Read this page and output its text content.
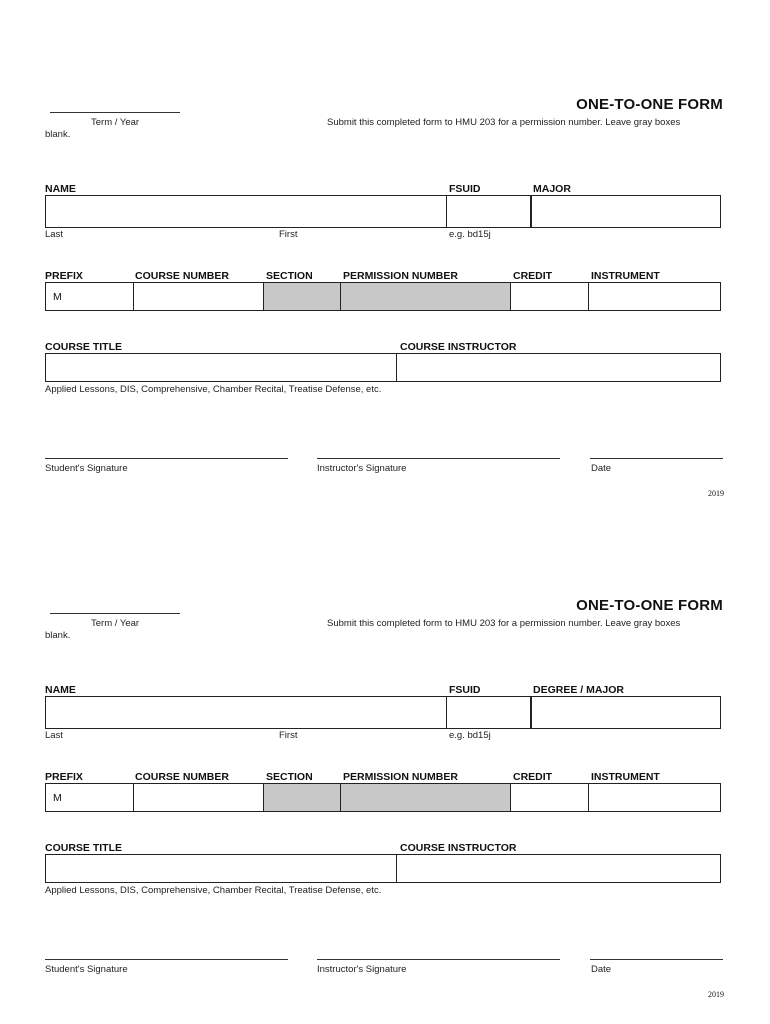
Term / Year
blank.
ONE-TO-ONE FORM
Submit this completed form to HMU 203 for a permission number. Leave gray boxes
NAME	FSUID	MAJOR
Last	First	e.g. bd15j
PREFIX	COURSE NUMBER	SECTION	PERMISSION NUMBER	CREDIT	INSTRUMENT
M
COURSE TITLE	COURSE INSTRUCTOR
Applied Lessons, DIS, Comprehensive, Chamber Recital, Treatise Defense, etc.
Student's Signature	Instructor's Signature	Date
2019
Term / Year
blank.
ONE-TO-ONE FORM
Submit this completed form to HMU 203 for a permission number. Leave gray boxes
NAME	FSUID	DEGREE / MAJOR
Last	First	e.g. bd15j
PREFIX	COURSE NUMBER	SECTION	PERMISSION NUMBER	CREDIT	INSTRUMENT
M
COURSE TITLE	COURSE INSTRUCTOR
Applied Lessons, DIS, Comprehensive, Chamber Recital, Treatise Defense, etc.
Student's Signature	Instructor's Signature	Date
2019
